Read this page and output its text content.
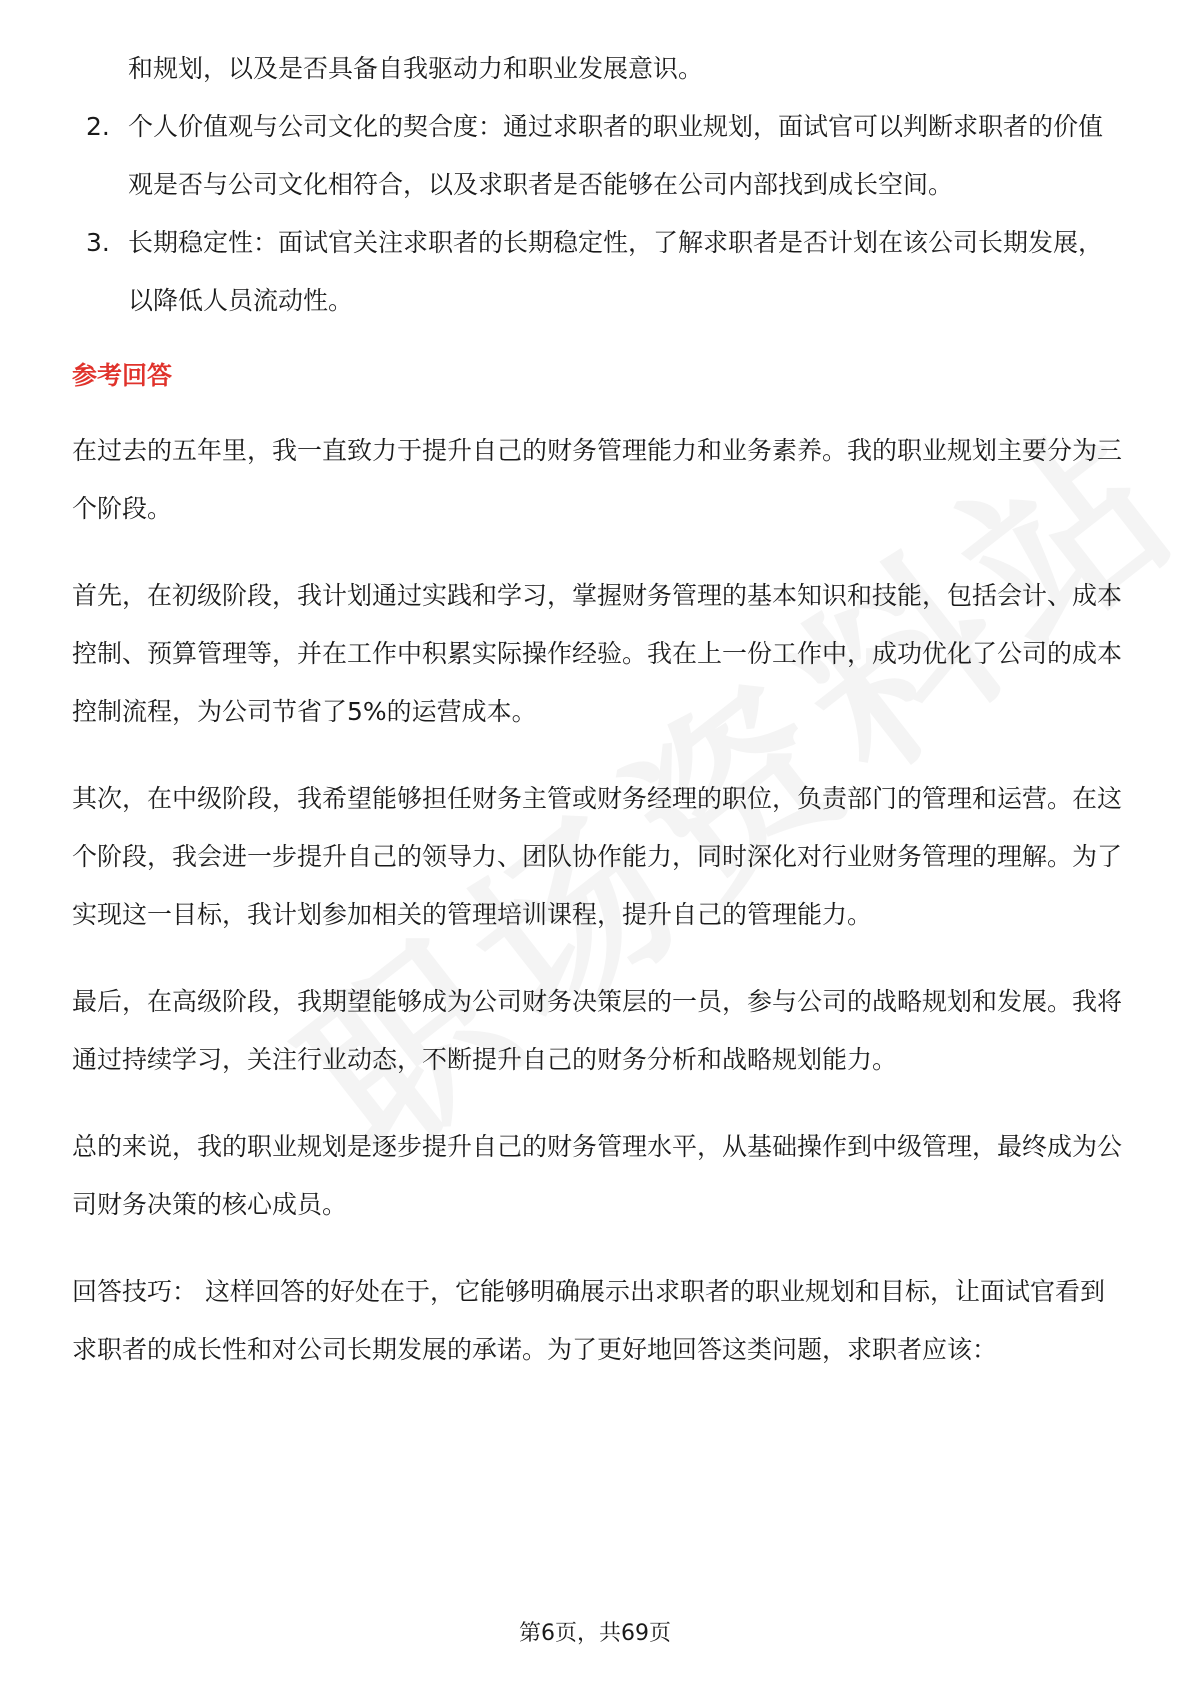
和规划，以及是否具备自我驱动力和职业发展意识。

2. 个人价值观与公司文化的契合度：通过求职者的职业规划，面试官可以判断求职者的价值观是否与公司文化相符合，以及求职者是否能够在公司内部找到成长空间。
3. 长期稳定性：面试官关注求职者的长期稳定性，了解求职者是否计划在该公司长期发展，以降低人员流动性。

参考回答

在过去的五年里，我一直致力于提升自己的财务管理能力和业务素养。我的职业规划主要分为三个阶段。

首先，在初级阶段，我计划通过实践和学习，掌握财务管理的基本知识和技能，包括会计、成本控制、预算管理等，并在工作中积累实际操作经验。我在上一份工作中，成功优化了公司的成本控制流程，为公司节省了5%的运营成本。

其次，在中级阶段，我希望能够担任财务主管或财务经理的职位，负责部门的管理和运营。在这个阶段，我会进一步提升自己的领导力、团队协作能力，同时深化对行业财务管理的理解。为了实现这一目标，我计划参加相关的管理培训课程，提升自己的管理能力。

最后，在高级阶段，我期望能够成为公司财务决策层的一员，参与公司的战略规划和发展。我将通过持续学习，关注行业动态，不断提升自己的财务分析和战略规划能力。

总的来说，我的职业规划是逐步提升自己的财务管理水平，从基础操作到中级管理，最终成为公司财务决策的核心成员。

回答技巧： 这样回答的好处在于，它能够明确展示出求职者的职业规划和目标，让面试官看到求职者的成长性和对公司长期发展的承诺。为了更好地回答这类问题，求职者应该：

第6页，共69页
